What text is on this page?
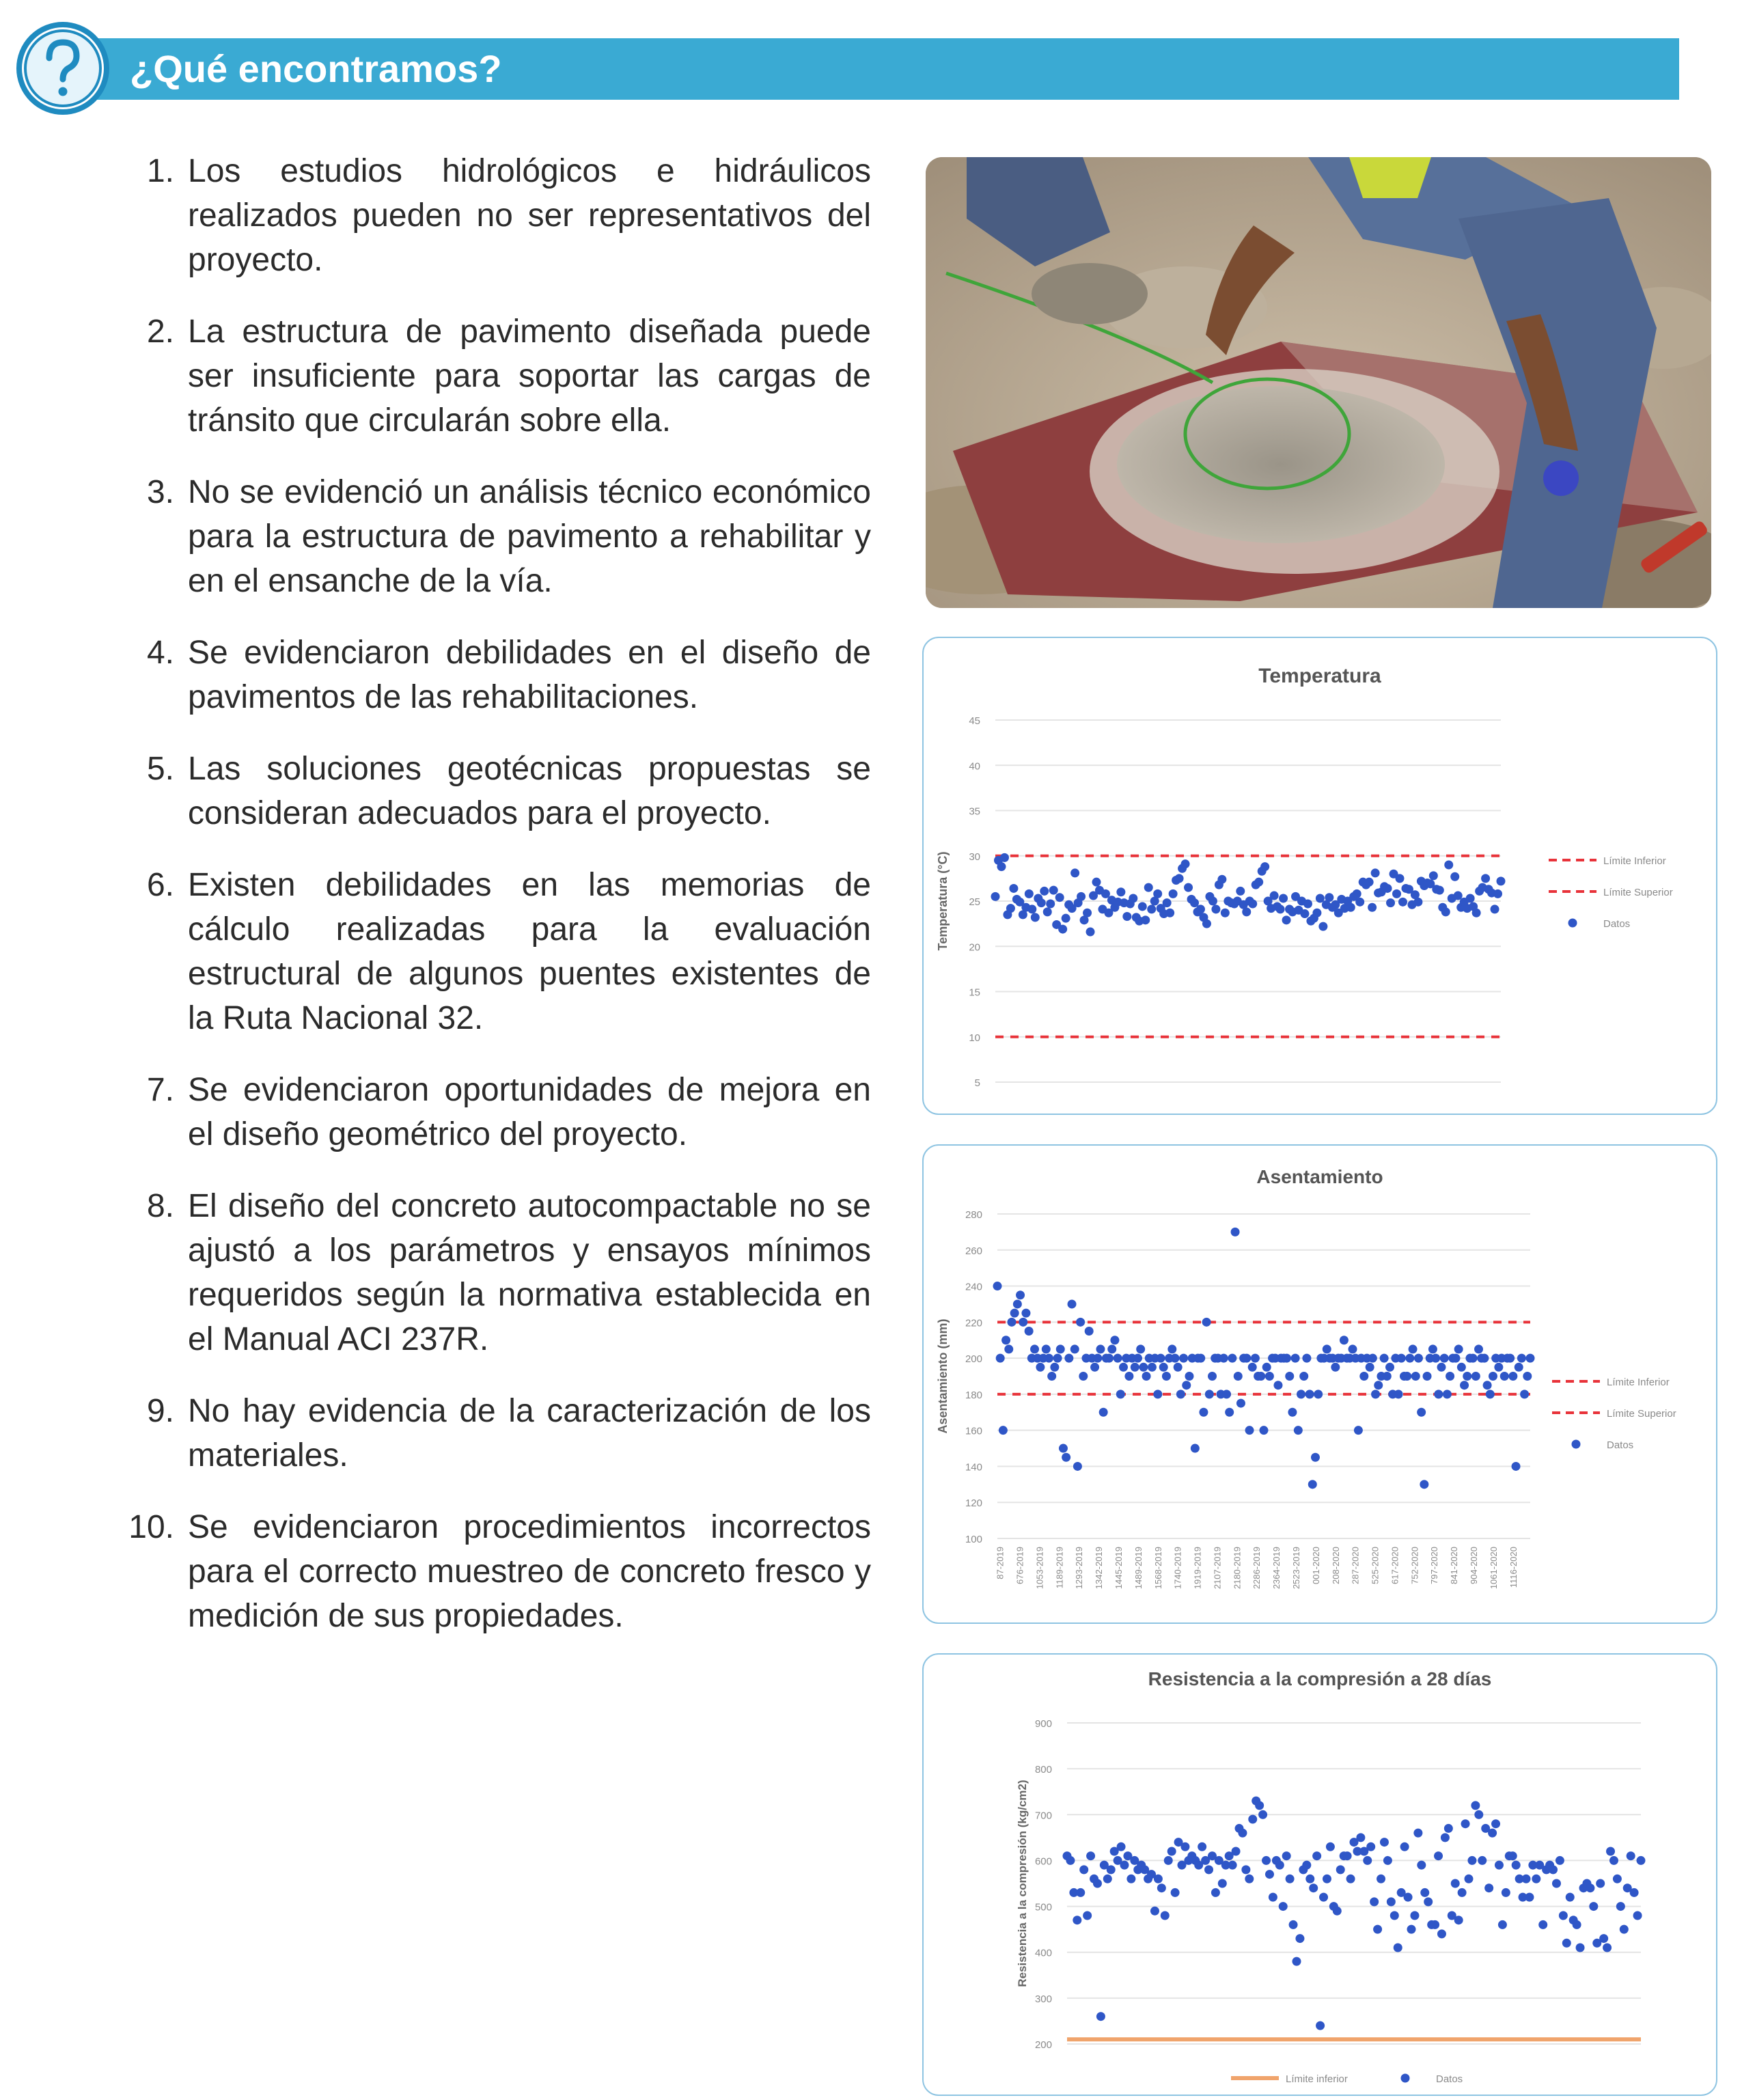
¿Qué encontramos?
1. Los estudios hidrológicos e hidráulicos realizados pueden no ser representativos del proyecto.
2. La estructura de pavimento diseñada puede ser insuficiente para soportar las cargas de tránsito que circularán sobre ella.
3. No se evidenció un análisis técnico económico para la estructura de pavimento a rehabilitar y en el ensanche de la vía.
4. Se evidenciaron debilidades en el diseño de pavimentos de las rehabilitaciones.
5. Las soluciones geotécnicas propuestas se consideran adecuados para el proyecto.
6. Existen debilidades en las memorias de cálculo realizadas para la evaluación estructural de algunos puentes existentes de la Ruta Nacional 32.
7. Se evidenciaron oportunidades de mejora en el diseño geométrico del proyecto.
8. El diseño del concreto autocompactable no se ajustó a los parámetros y ensayos mínimos requeridos según la normativa establecida en el Manual ACI 237R.
9. No hay evidencia de la caracterización de los materiales.
10. Se evidenciaron procedimientos incorrectos para el correcto muestreo de concreto fresco y medición de sus propiedades.
Temperatura
5
10
15
20
25
30
35
40
45
Temperatura (°C)	Límite Inferior
Límite Superior
Datos
Asentamiento
100
120
140
160
180
200
220
240
260
280
Asentamiento (mm)
87-2019 676-2019 1053-2019 1189-2019 1293-2019 1342-2019 1445-2019 1489-2019 1568-2019 1740-2019 1919-2019 2107-2019 2180-2019 2286-2019 2364-2019 2523-2019 001-2020 208-2020 287-2020 525-2020 617-2020 752-2020 797-2020 841-2020 904-2020 1061-2020 1116-2020
Límite Inferior
Límite Superior
Datos
Resistencia a la compresión a 28 días
200
300
400
500
600
700
800
900
Resistencia a la compresión (kg/cm2)
Límite inferior	Datos
